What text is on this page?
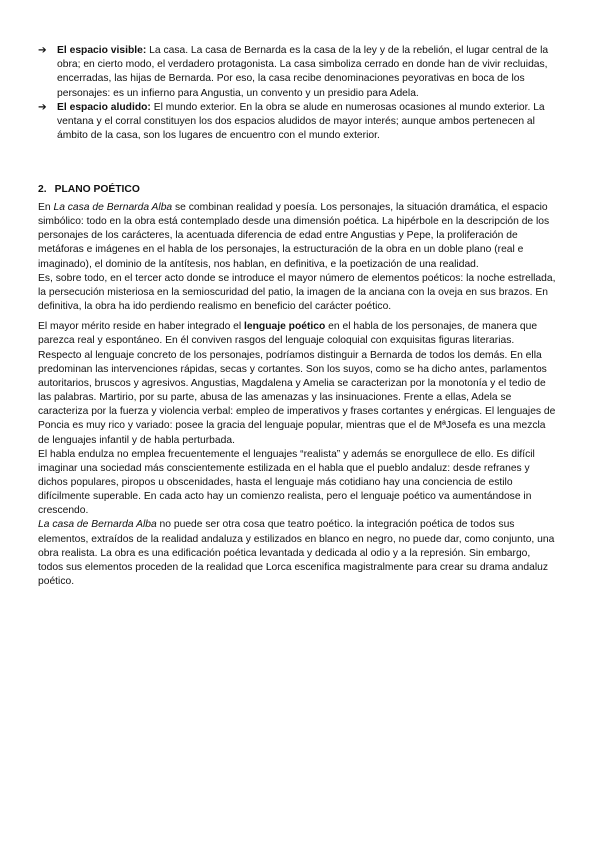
➔ El espacio visible: La casa. La casa de Bernarda es la casa de la ley y de la rebelión, el lugar central de la obra; en cierto modo, el verdadero protagonista. La casa simboliza cerrado en donde han de vivir recluidas, encerradas, las hijas de Bernarda. Por eso, la casa recibe denominaciones peyorativas en boca de los personajes: es un infierno para Angustia, un convento y un presidio para Adela.

➔ El espacio aludido: El mundo exterior. En la obra se alude en numerosas ocasiones al mundo exterior. La ventana y el corral constituyen los dos espacios aludidos de mayor interés; aunque ambos pertenecen al ámbito de la casa, son los lugares de encuentro con el mundo exterior.

2. PLANO POÉTICO

En La casa de Bernarda Alba se combinan realidad y poesía. Los personajes, la situación dramática, el espacio simbólico: todo en la obra está contemplado desde una dimensión poética. La hipérbole en la descripción de los personajes de los carácteres, la acentuada diferencia de edad entre Angustias y Pepe, la proliferación de metáforas e imágenes en el habla de los personajes, la estructuración de la obra en un doble plano (real e imaginado), el dominio de la antítesis, nos hablan, en definitiva, e la poetización de una realidad.

Es, sobre todo, en el tercer acto donde se introduce el mayor número de elementos poéticos: la noche estrellada, la persecución misteriosa en la semioscuridad del patio, la imagen de la anciana con la oveja en sus brazos. En definitiva, la obra ha ido perdiendo realismo en beneficio del carácter poético.

El mayor mérito reside en haber integrado el lenguaje poético en el habla de los personajes, de manera que parezca real y espontáneo. En él conviven rasgos del lenguaje coloquial con exquisitas figuras literarias. Respecto al lenguaje concreto de los personajes, podríamos distinguir a Bernarda de todos los demás. En ella predominan las intervenciones rápidas, secas y cortantes. Son los suyos, como se ha dicho antes, parlamentos autoritarios, bruscos y agresivos. Angustias, Magdalena y Amelia se caracterizan por la monotonía y el tedio de las palabras. Martirio, por su parte, abusa de las amenazas y las insinuaciones. Frente a ellas, Adela se caracteriza por la fuerza y violencia verbal: empleo de imperativos y frases cortantes y enérgicas. El lenguajes de Poncia es muy rico y variado: posee la gracia del lenguaje popular, mientras que el de MªJosefa es una mezcla de lenguajes infantil y de habla perturbada.

El habla endulza no emplea frecuentemente el lenguajes “realista” y además se enorgullece de ello. Es difícil imaginar una sociedad más conscientemente estilizada en el habla que el pueblo andaluz: desde refranes y dichos populares, piropos u obscenidades, hasta el lenguaje más cotidiano hay una conciencia de estilo difícilmente superable. En cada acto hay un comienzo realista, pero el lenguaje poético va aumentándose in crescendo.

La casa de Bernarda Alba no puede ser otra cosa que teatro poético. la integración poética de todos sus elementos, extraídos de la realidad andaluza y estilizados en blanco en negro, no puede dar, como conjunto, una obra realista. La obra es una edificación poética levantada y dedicada al odio y a la represión. Sin embargo, todos sus elementos proceden de la realidad que Lorca escenifica magistralmente para crear su drama andaluz poético.
